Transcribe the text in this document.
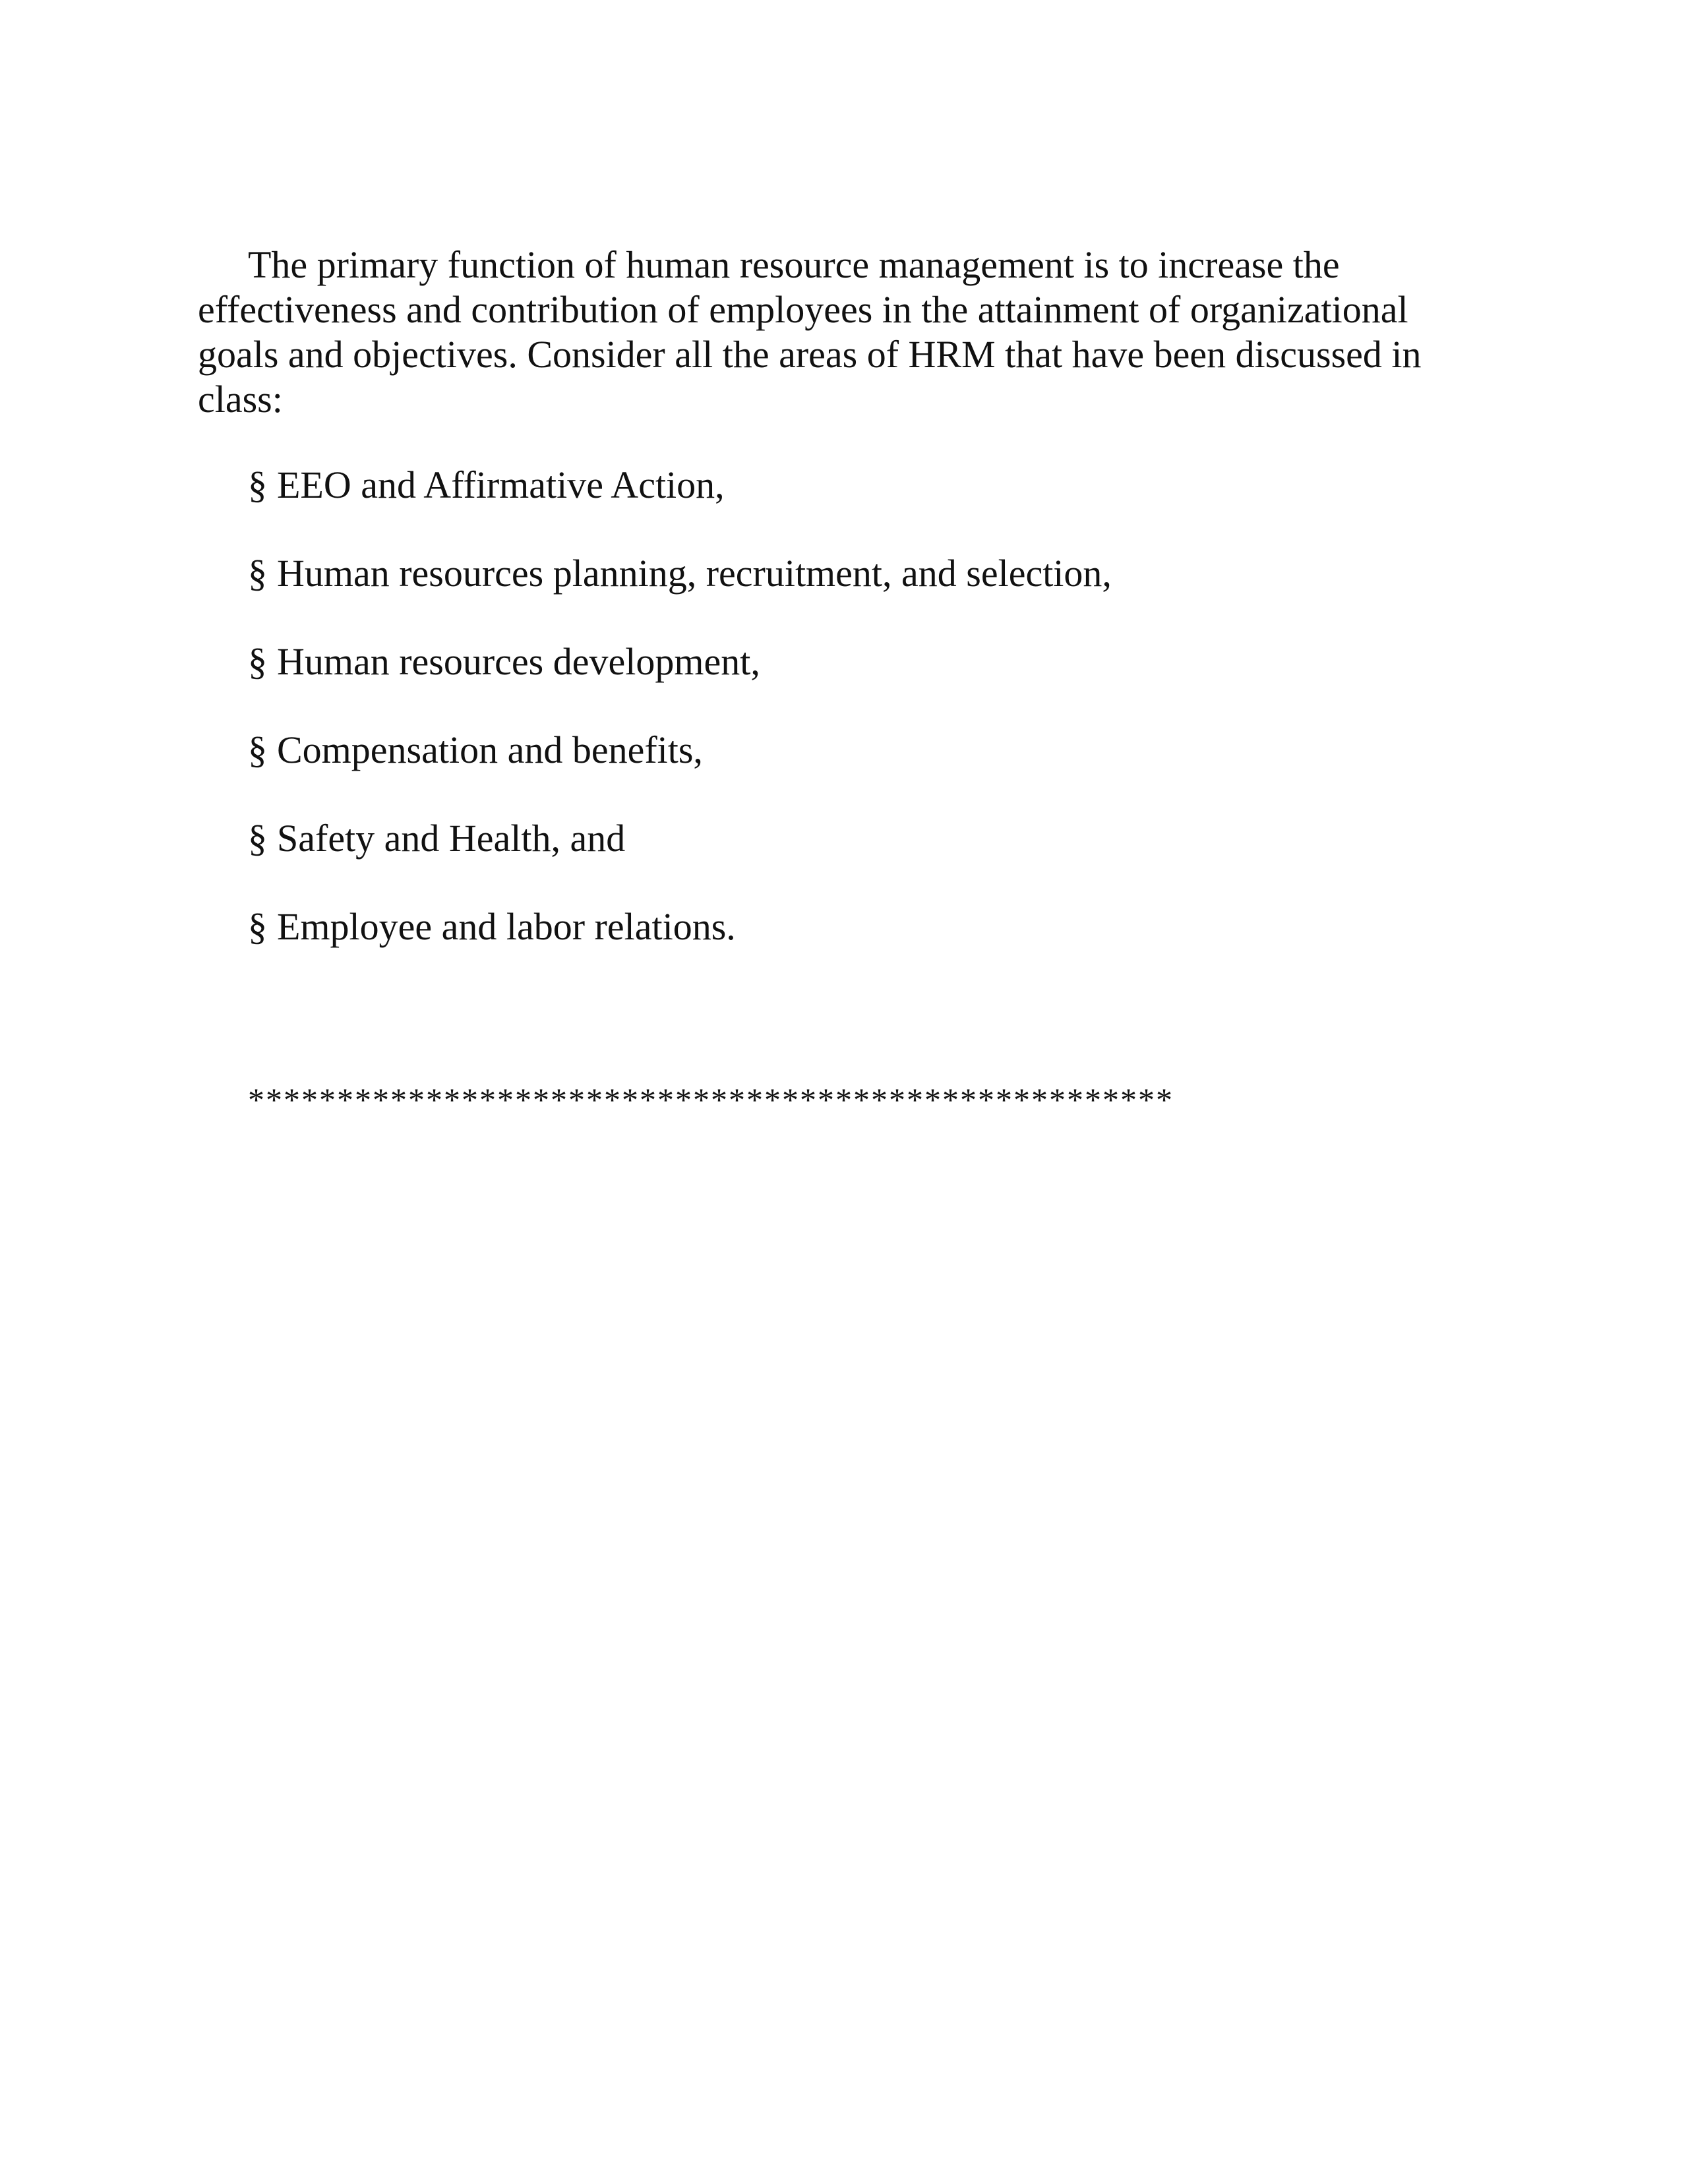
The primary function of human resource management is to increase the
effectiveness and contribution of employees in the attainment of organizational
goals and objectives. Consider all the areas of HRM that have been discussed in
class:

§ EEO and Affirmative Action,
§ Human resources planning, recruitment, and selection,
§ Human resources development,
§ Compensation and benefits,
§ Safety and Health, and
§ Employee and labor relations.

****************************************************
